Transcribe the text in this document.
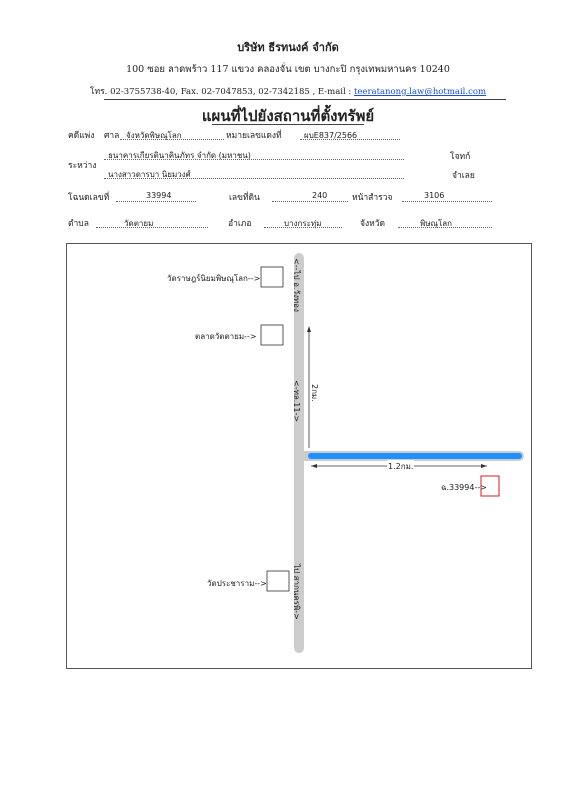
บริษัท ธีรทนงค์ จำกัด
100 ซอย ลาดพร้าว 117 แขวง คลองจั่น เขต บางกะปิ กรุงเทพมหานคร 10240
โทร. 02-3755738-40, Fax. 02-7047853, 02-7342185 , E-mail : teeratanong.law@hotmail.com
แผนที่ไปยังสถานที่ตั้งทรัพย์
คดีแพ่ง ศาล จังหวัดพิษณุโลก	หมายเลขแดงที่	ผบE837/2566
ระหว่าง
ธนาคารเกียรตินาคินภัทร จำกัด (มหาชน)	โจทก์
นางสาวดารบา นิยมวงศ์	จำเลย
โฉนดเลขที่	33994	เลขที่ดิน	240	หน้าสำรวจ	3106
ตำบล	วัดตายม	อำเภอ	บางกระทุ่ม	จังหวัด	พิษณุโลก
วัดราษฎร์นิยมพิษณุโลก-->
ตลาดวัดตายม-->
วัดประชาราม-->
<--ไป อ.วังทอง
<-ทล.11-> 2กม.
ไป สากนครพิ->
1.2กม.
ฉ.33994-->
